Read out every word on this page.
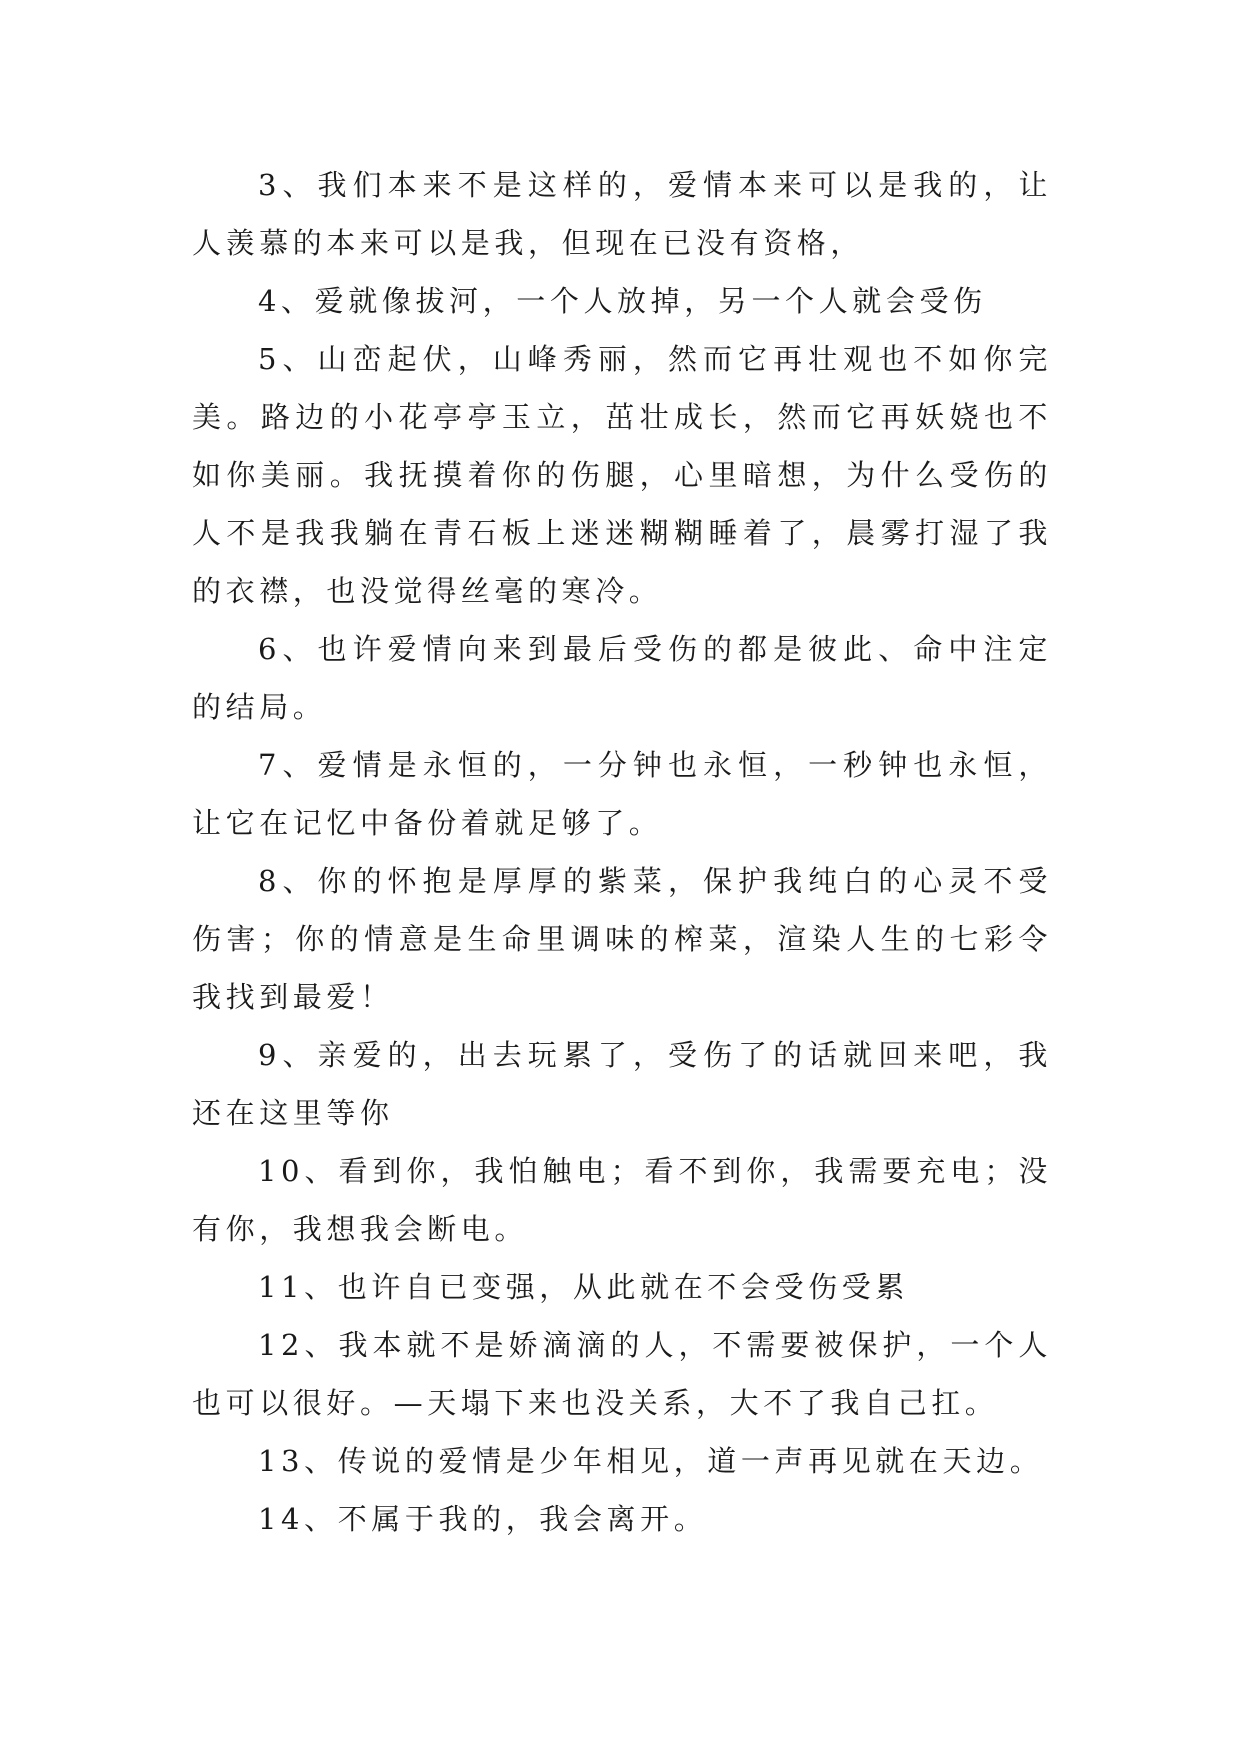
3、我们本来不是这样的，爱情本来可以是我的，让人羡慕的本来可以是我，但现在已没有资格，

4、爱就像拔河，一个人放掉，另一个人就会受伤

5、山峦起伏，山峰秀丽，然而它再壮观也不如你完美。路边的小花亭亭玉立，茁壮成长，然而它再妖娆也不如你美丽。我抚摸着你的伤腿，心里暗想，为什么受伤的人不是我我躺在青石板上迷迷糊糊睡着了，晨雾打湿了我的衣襟，也没觉得丝毫的寒冷。

6、也许爱情向来到最后受伤的都是彼此、命中注定的结局。

7、爱情是永恒的，一分钟也永恒，一秒钟也永恒，让它在记忆中备份着就足够了。

8、你的怀抱是厚厚的紫菜，保护我纯白的心灵不受伤害；你的情意是生命里调味的榨菜，渲染人生的七彩令我找到最爱！

9、亲爱的，出去玩累了，受伤了的话就回来吧，我还在这里等你

10、看到你，我怕触电；看不到你，我需要充电；没有你，我想我会断电。

11、也许自已变强，从此就在不会受伤受累

12、我本就不是娇滴滴的人，不需要被保护，一个人也可以很好。—天塌下来也没关系，大不了我自己扛。

13、传说的爱情是少年相见，道一声再见就在天边。

14、不属于我的，我会离开。
